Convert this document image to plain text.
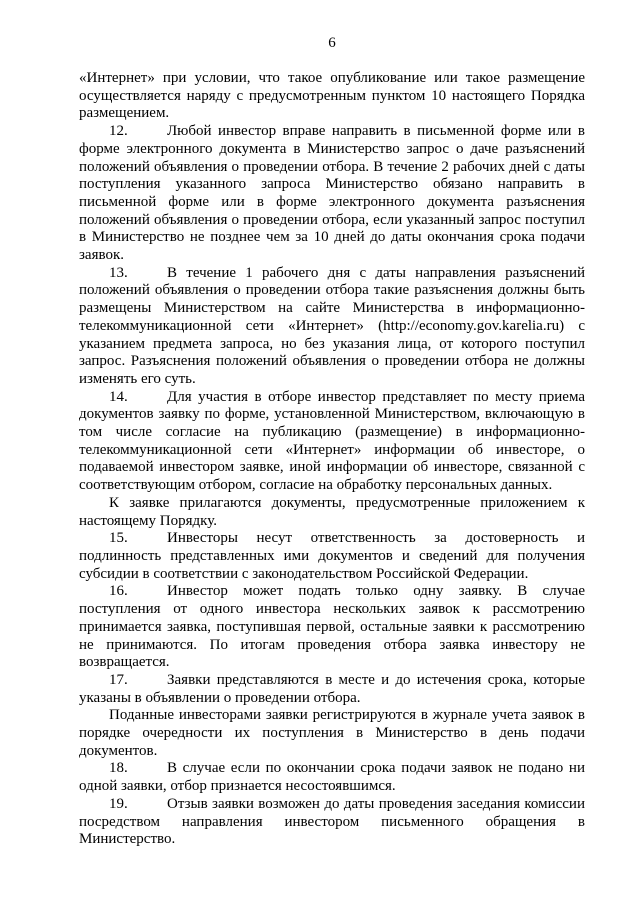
6

«Интернет» при условии, что такое опубликование или такое размещение осуществляется наряду с предусмотренным пунктом 10 настоящего Порядка размещением.

12.	Любой инвестор вправе направить в письменной форме или в форме электронного документа в Министерство запрос о даче разъяснений положений объявления о проведении отбора. В течение 2 рабочих дней с даты поступления указанного запроса Министерство обязано направить в письменной форме или в форме электронного документа разъяснения положений объявления о проведении отбора, если указанный запрос поступил в Министерство не позднее чем за 10 дней до даты окончания срока подачи заявок.

13.	В течение 1 рабочего дня с даты направления разъяснений положений объявления о проведении отбора такие разъяснения должны быть размещены Министерством на сайте Министерства в информационно-телекоммуникационной сети «Интернет» (http://economy.gov.karelia.ru) с указанием предмета запроса, но без указания лица, от которого поступил запрос. Разъяснения положений объявления о проведении отбора не должны изменять его суть.

14.	Для участия в отборе инвестор представляет по месту приема документов заявку по форме, установленной Министерством, включающую в том числе согласие на публикацию (размещение) в информационно-телекоммуникационной сети «Интернет» информации об инвесторе, о подаваемой инвестором заявке, иной информации об инвесторе, связанной с соответствующим отбором, согласие на обработку персональных данных.

К заявке прилагаются документы, предусмотренные приложением к настоящему Порядку.

15.	Инвесторы несут ответственность за достоверность и подлинность представленных ими документов и сведений для получения субсидии в соответствии с законодательством Российской Федерации.

16.	Инвестор может подать только одну заявку. В случае поступления от одного инвестора нескольких заявок к рассмотрению принимается заявка, поступившая первой, остальные заявки к рассмотрению не принимаются. По итогам проведения отбора заявка инвестору не возвращается.

17.	Заявки представляются в месте и до истечения срока, которые указаны в объявлении о проведении отбора.

Поданные инвесторами заявки регистрируются в журнале учета заявок в порядке очередности их поступления в Министерство в день подачи документов.

18.	В случае если по окончании срока подачи заявок не подано ни одной заявки, отбор признается несостоявшимся.

19.	Отзыв заявки возможен до даты проведения заседания комиссии посредством направления инвестором письменного обращения в Министерство.
